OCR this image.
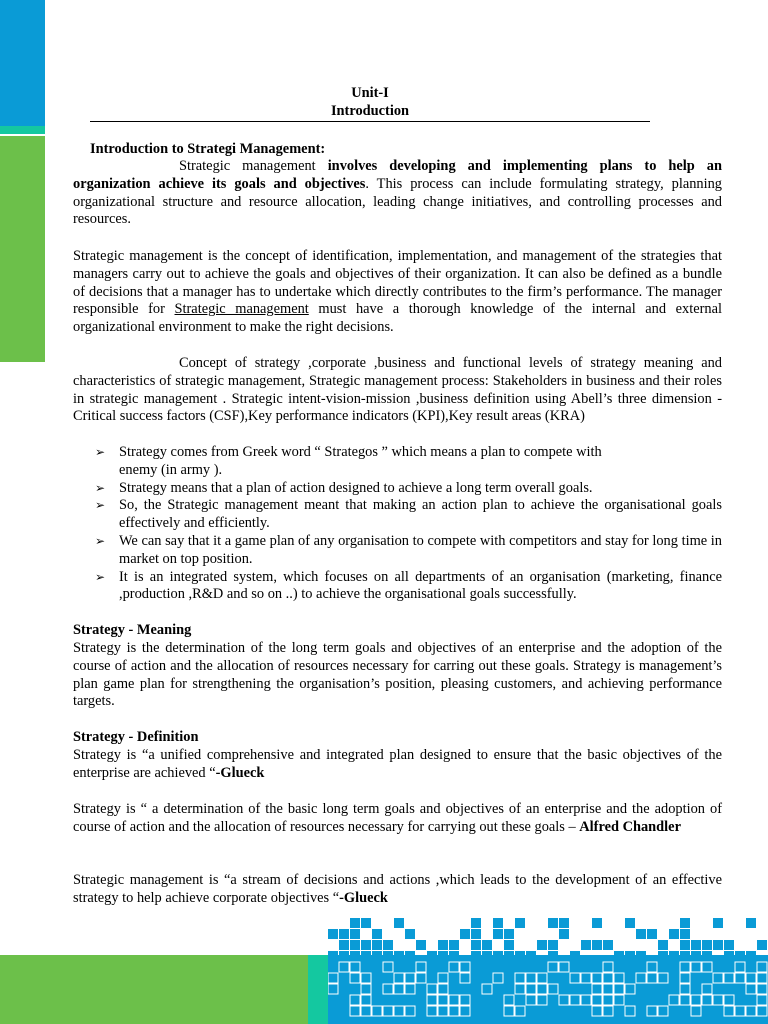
Unit-I
Introduction
Introduction to Strategi Management:

Strategic management involves developing and implementing plans to help an organization achieve its goals and objectives. This process can include formulating strategy, planning organizational structure and resource allocation, leading change initiatives, and controlling processes and resources.

Strategic management is the concept of identification, implementation, and management of the strategies that managers carry out to achieve the goals and objectives of their organization. It can also be defined as a bundle of decisions that a manager has to undertake which directly contributes to the firm’s performance. The manager responsible for Strategic management must have a thorough knowledge of the internal and external organizational environment to make the right decisions.

Concept of strategy ,corporate ,business and functional levels of strategy meaning and characteristics of strategic management, Strategic management process: Stakeholders in business and their roles in strategic management . Strategic intent-vision-mission ,business definition using Abell’s three dimension -Critical success factors (CSF),Key performance indicators (KPI),Key result areas (KRA)

➢ Strategy comes from Greek word “ Strategos ” which means a plan to compete with enemy (in army ).
➢ Strategy means that a plan of action designed to achieve a long term overall goals.
➢ So, the Strategic management meant that making an action plan to achieve the organisational goals effectively and efficiently.
➢ We can say that it a game plan of any organisation to compete with competitors and stay for long time in market on top position.
➢ It is an integrated system, which focuses on all departments of an organisation (marketing, finance ,production ,R&D and so on ..) to achieve the organisational goals successfully.
Strategy - Meaning

Strategy is the determination of the long term goals and objectives of an enterprise and the adoption of the course of action and the allocation of resources necessary for carring out these goals. Strategy is management’s plan game plan for strengthening the organisation’s position, pleasing customers, and achieving performance targets.

Strategy - Definition

Strategy is “a unified comprehensive and integrated plan designed to ensure that the basic objectives of the enterprise are achieved “-Glueck

Strategy is “ a determination of the basic long term goals and objectives of an enterprise and the adoption of course of action and the allocation of resources necessary for carrying out these goals – Alfred Chandler

Strategic management is “a stream of decisions and actions ,which leads to the development of an effective strategy to help achieve corporate objectives “-Glueck
